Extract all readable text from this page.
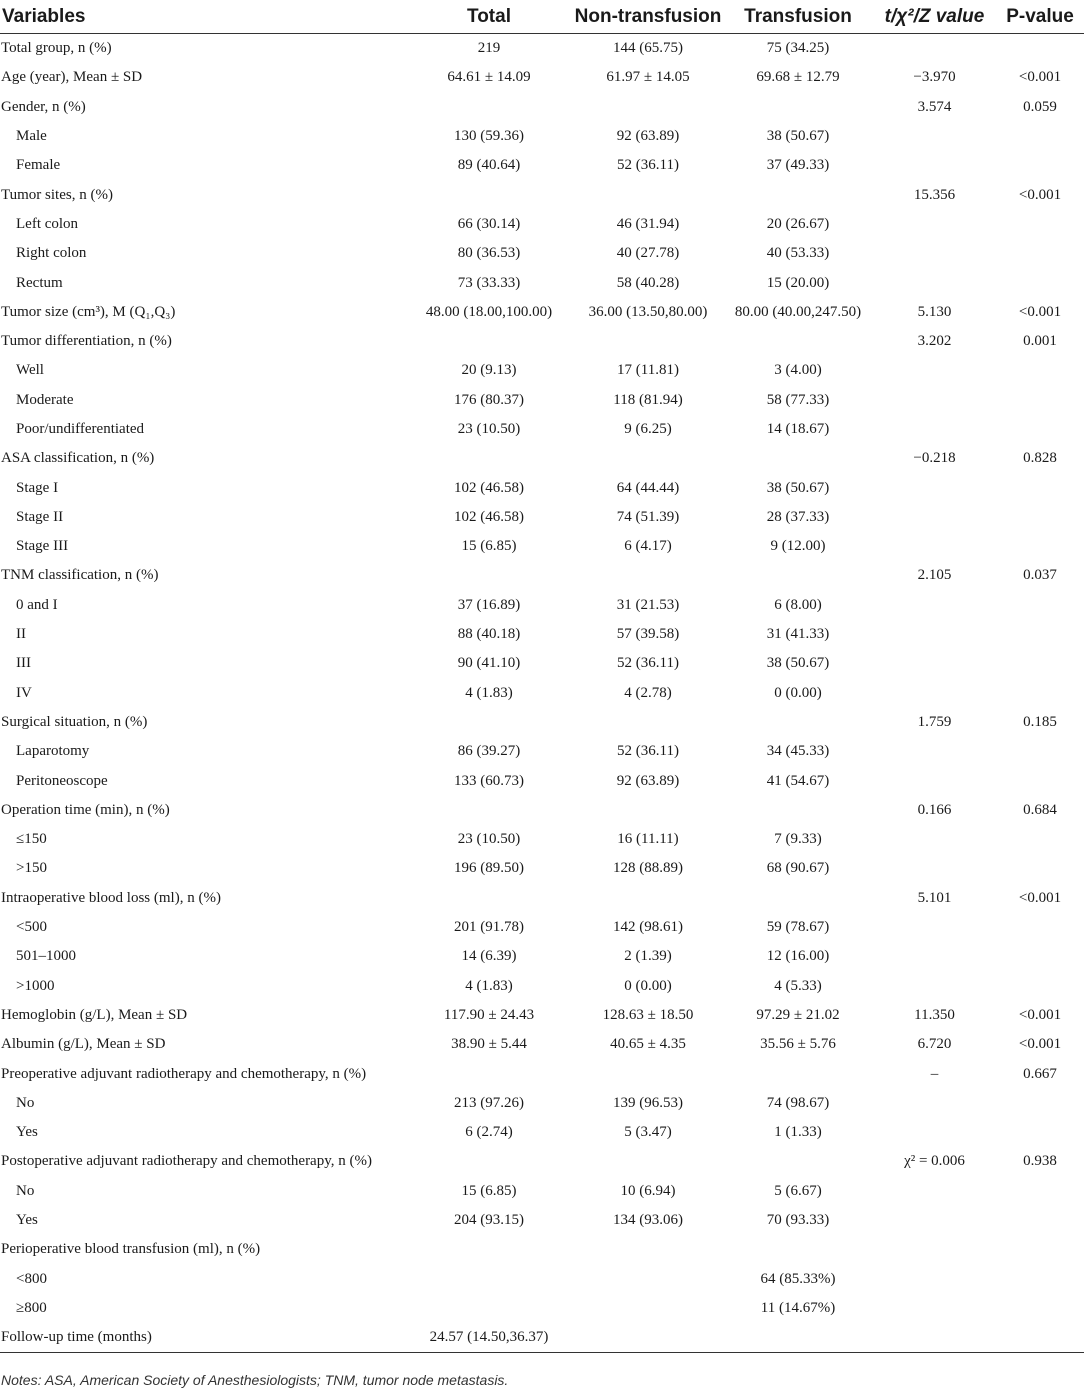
Variables	Total	Non-transfusion	Transfusion	t/χ²/Z value	P-value
Total group, n (%)	219	144 (65.75)	75 (34.25)		
Age (year), Mean ± SD	64.61 ± 14.09	61.97 ± 14.05	69.68 ± 12.79	−3.970	<0.001
Gender, n (%)				3.574	0.059
Male	130 (59.36)	92 (63.89)	38 (50.67)		
Female	89 (40.64)	52 (36.11)	37 (49.33)		
Tumor sites, n (%)				15.356	<0.001
Left colon	66 (30.14)	46 (31.94)	20 (26.67)		
Right colon	80 (36.53)	40 (27.78)	40 (53.33)		
Rectum	73 (33.33)	58 (40.28)	15 (20.00)		
Tumor size (cm³), M (Q₁,Q₃)	48.00 (18.00,100.00)	36.00 (13.50,80.00)	80.00 (40.00,247.50)	5.130	<0.001
Tumor differentiation, n (%)				3.202	0.001
Well	20 (9.13)	17 (11.81)	3 (4.00)		
Moderate	176 (80.37)	118 (81.94)	58 (77.33)		
Poor/undifferentiated	23 (10.50)	9 (6.25)	14 (18.67)		
ASA classification, n (%)				−0.218	0.828
Stage I	102 (46.58)	64 (44.44)	38 (50.67)		
Stage II	102 (46.58)	74 (51.39)	28 (37.33)		
Stage III	15 (6.85)	6 (4.17)	9 (12.00)		
TNM classification, n (%)				2.105	0.037
0 and I	37 (16.89)	31 (21.53)	6 (8.00)		
II	88 (40.18)	57 (39.58)	31 (41.33)		
III	90 (41.10)	52 (36.11)	38 (50.67)		
IV	4 (1.83)	4 (2.78)	0 (0.00)		
Surgical situation, n (%)				1.759	0.185
Laparotomy	86 (39.27)	52 (36.11)	34 (45.33)		
Peritoneoscope	133 (60.73)	92 (63.89)	41 (54.67)		
Operation time (min), n (%)				0.166	0.684
≤150	23 (10.50)	16 (11.11)	7 (9.33)		
>150	196 (89.50)	128 (88.89)	68 (90.67)		
Intraoperative blood loss (ml), n (%)				5.101	<0.001
<500	201 (91.78)	142 (98.61)	59 (78.67)		
501–1000	14 (6.39)	2 (1.39)	12 (16.00)		
>1000	4 (1.83)	0 (0.00)	4 (5.33)		
Hemoglobin (g/L), Mean ± SD	117.90 ± 24.43	128.63 ± 18.50	97.29 ± 21.02	11.350	<0.001
Albumin (g/L), Mean ± SD	38.90 ± 5.44	40.65 ± 4.35	35.56 ± 5.76	6.720	<0.001
Preoperative adjuvant radiotherapy and chemotherapy, n (%)				–	0.667
No	213 (97.26)	139 (96.53)	74 (98.67)		
Yes	6 (2.74)	5 (3.47)	1 (1.33)		
Postoperative adjuvant radiotherapy and chemotherapy, n (%)				χ² = 0.006	0.938
No	15 (6.85)	10 (6.94)	5 (6.67)		
Yes	204 (93.15)	134 (93.06)	70 (93.33)		
Perioperative blood transfusion (ml), n (%)					
<800			64 (85.33%)		
≥800			11 (14.67%)		
Follow-up time (months)	24.57 (14.50,36.37)				
Notes: ASA, American Society of Anesthesiologists; TNM, tumor node metastasis.
